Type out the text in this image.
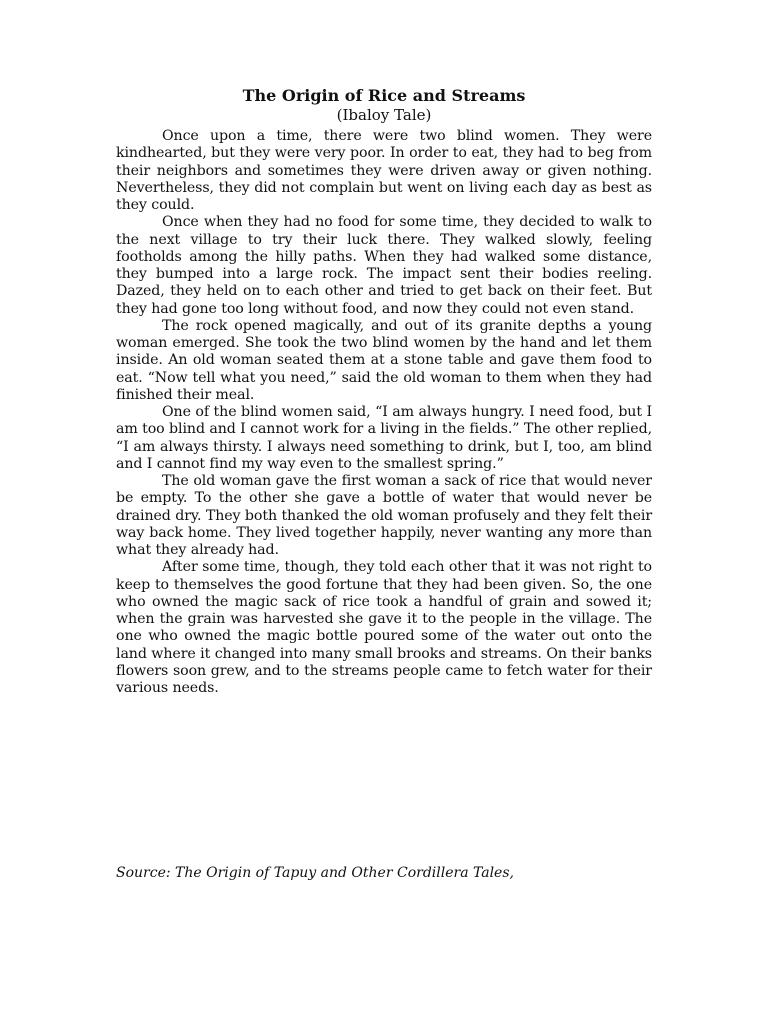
The Origin of Rice and Streams
(Ibaloy Tale)

Once upon a time, there were two blind women. They were kindhearted, but they were very poor. In order to eat, they had to beg from their neighbors and sometimes they were driven away or given nothing. Nevertheless, they did not complain but went on living each day as best as they could.

Once when they had no food for some time, they decided to walk to the next village to try their luck there. They walked slowly, feeling footholds among the hilly paths. When they had walked some distance, they bumped into a large rock. The impact sent their bodies reeling. Dazed, they held on to each other and tried to get back on their feet. But they had gone too long without food, and now they could not even stand.

The rock opened magically, and out of its granite depths a young woman emerged. She took the two blind women by the hand and let them inside. An old woman seated them at a stone table and gave them food to eat. “Now tell what you need,” said the old woman to them when they had finished their meal.

One of the blind women said, “I am always hungry. I need food, but I am too blind and I cannot work for a living in the fields.” The other replied, “I am always thirsty. I always need something to drink, but I, too, am blind and I cannot find my way even to the smallest spring.”

The old woman gave the first woman a sack of rice that would never be empty. To the other she gave a bottle of water that would never be drained dry. They both thanked the old woman profusely and they felt their way back home. They lived together happily, never wanting any more than what they already had.

After some time, though, they told each other that it was not right to keep to themselves the good fortune that they had been given. So, the one who owned the magic sack of rice took a handful of grain and sowed it; when the grain was harvested she gave it to the people in the village. The one who owned the magic bottle poured some of the water out onto the land where it changed into many small brooks and streams. On their banks flowers soon grew, and to the streams people came to fetch water for their various needs.

Source: The Origin of Tapuy and Other Cordillera Tales,
